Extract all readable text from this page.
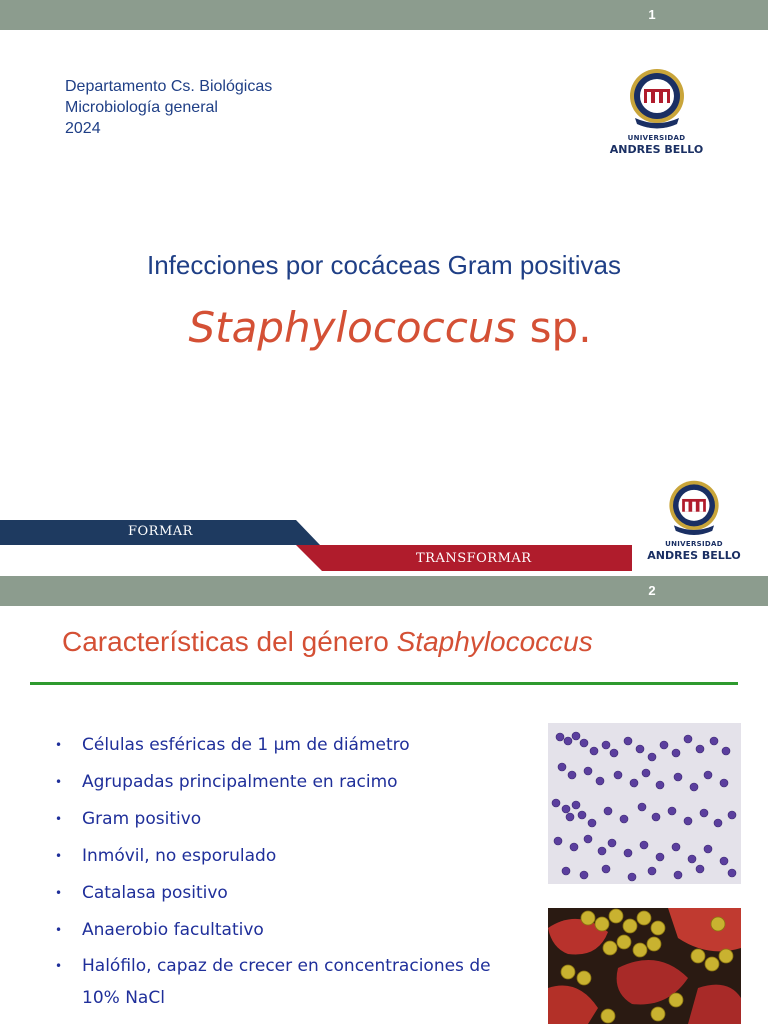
1
Departamento Cs. Biológicas
Microbiología general
2024
UNIVERSIDAD
ANDRES BELLO
Infecciones por cocáceas Gram positivas
Staphylococcus sp.
FORMAR
TRANSFORMAR
UNIVERSIDAD
ANDRES BELLO
2
Características del género Staphylococcus
• Células esféricas de 1 µm de diámetro
• Agrupadas principalmente en racimo
• Gram positivo
• Inmóvil, no esporulado
• Catalasa positivo
• Anaerobio facultativo
• Halófilo, capaz de crecer en concentraciones de 10% NaCl
